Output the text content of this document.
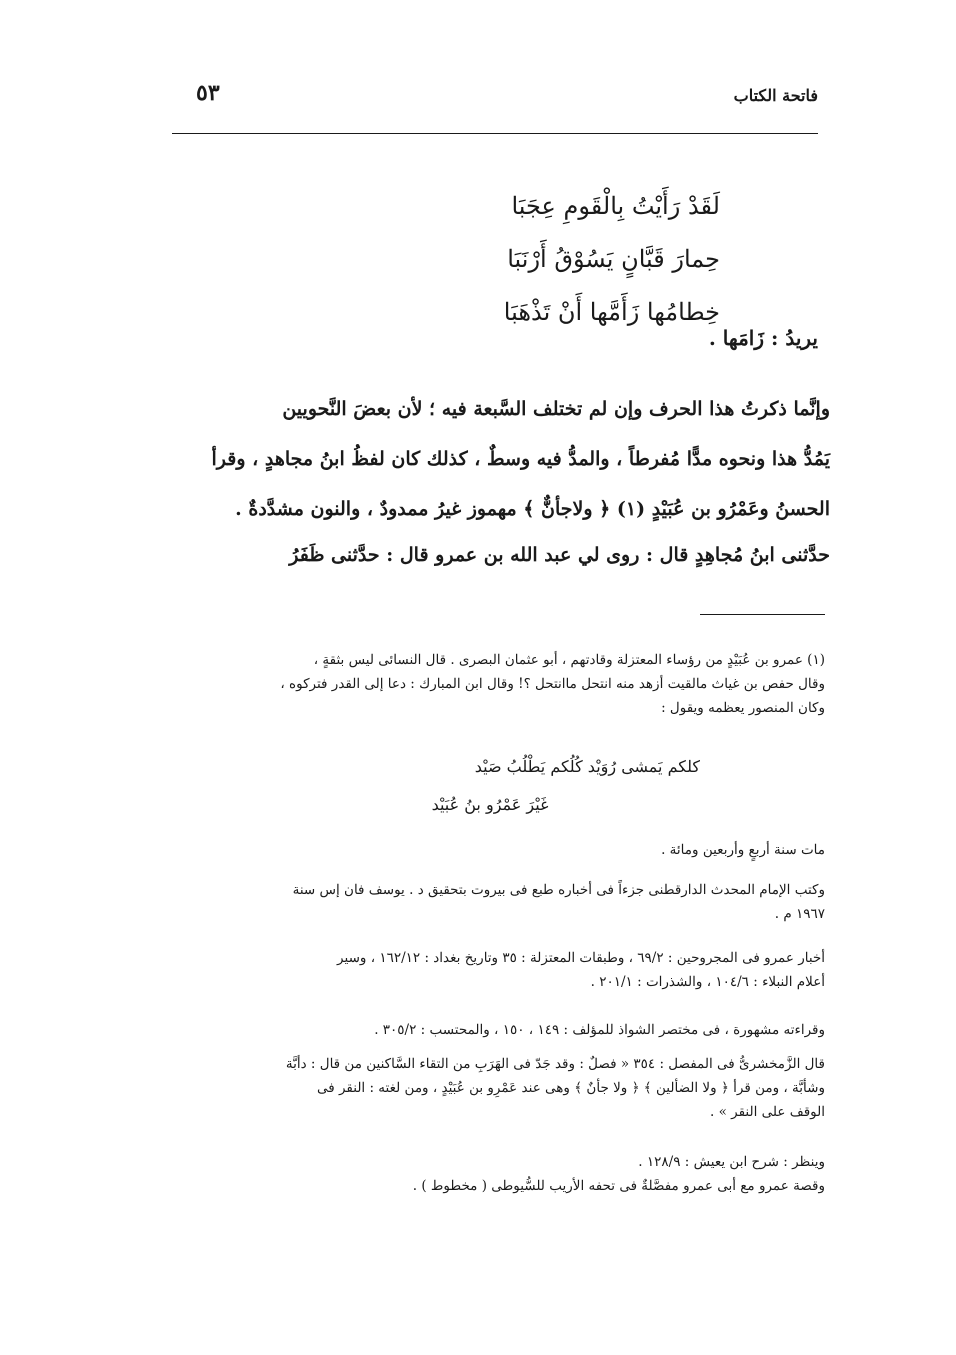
فاتحة الكتاب
٥٣
لَقَدْ رَأَيْتُ بِالْقَومِ عِجَبَا
حِمارَ قَبَّانٍ يَسُوْقُ أَرْنَبَا
خِطامُها زَأَمَّها أَنْ تَذْهَبَا
يريدُ : زَامَها .
وإنَّما ذكرتُ هذا الحرف وإن لم تختلف السَّبعة فيه ؛ لأن بعضَ النَّحويين
يَمُدُّ هذا ونحوه مدًّا مُفرطاً ، والمدُّ فيه وسطٌ ، كذلك كان لفظُ ابنُ مجاهدٍ ، وقرأ
الحسنُ وعَمْرُو بن عُبَيْدٍ (١) ﴿ ولاجأنٌّ ﴾ مهموز غيرُ ممدودٌ ، والنون مشدَّدةٌ .
حدَّثنى ابنُ مُجاهِدٍ قال : روى لي عبد الله بن عمرو قال : حدَّثنى ظَفَرُ
(١) عمرو بن عُبَيْدٍ من رؤساء المعتزلة وقادتهم ، أبو عثمان البصرى . قال النسائى ليس بثقةٍ ،
وقال حفص بن غياث مالقيت أزهد منه انتحل ماانتحل ؟! وقال ابن المبارك : دعا إلى القدر فتركوه ،
وكان المنصور يعظمه ويقول :
كلكم يَمشى رُوَيْد كُلُكم يَطْلُبُ صَيْد
غَيْرَ عَمْرُو بنُ عُبَيْد
مات سنة أربعٍ وأربعين ومائة .
وكتب الإمام المحدث الدارقطنى جزءاً فى أخباره طبع فى بيروت بتحقيق د . يوسف فان إس سنة
١٩٦٧ م .
أخبار عمرو فى المجروحين : ٦٩/٢ ، وطبقات المعتزلة : ٣٥ وتاريخ بغداد : ١٦٢/١٢ ، وسير
أعلام النبلاء : ١٠٤/٦ ، والشذرات : ٢٠١/١ .
وقراءته مشهورة ، فى مختصر الشواذ للمؤلف : ١٤٩ ، ١٥٠ ، والمحتسب : ٣٠٥/٢ .
قال الزَّمخشرىُّ فى المفصل : ٣٥٤ « فصلٌ : وقد جَدّ فى الهَرَبِ من التقاء السَّاكنين من قال : دأبَّة
وشأبَّة ، ومن قرأ ﴿ ولا الضألين ﴾ ﴿ ولا جأنٌ ﴾ وهى عند عَمْرِو بن عُبَيْدٍ ، ومن لغته : النقر فى
الوقف على النقر » .
وينظر : شرح ابن يعيش : ١٢٨/٩ .
وقصة عمرو مع أبى عمرو مفصَّلةٌ فى تحفه الأريب للسُّيوطى ( مخطوط ) .
